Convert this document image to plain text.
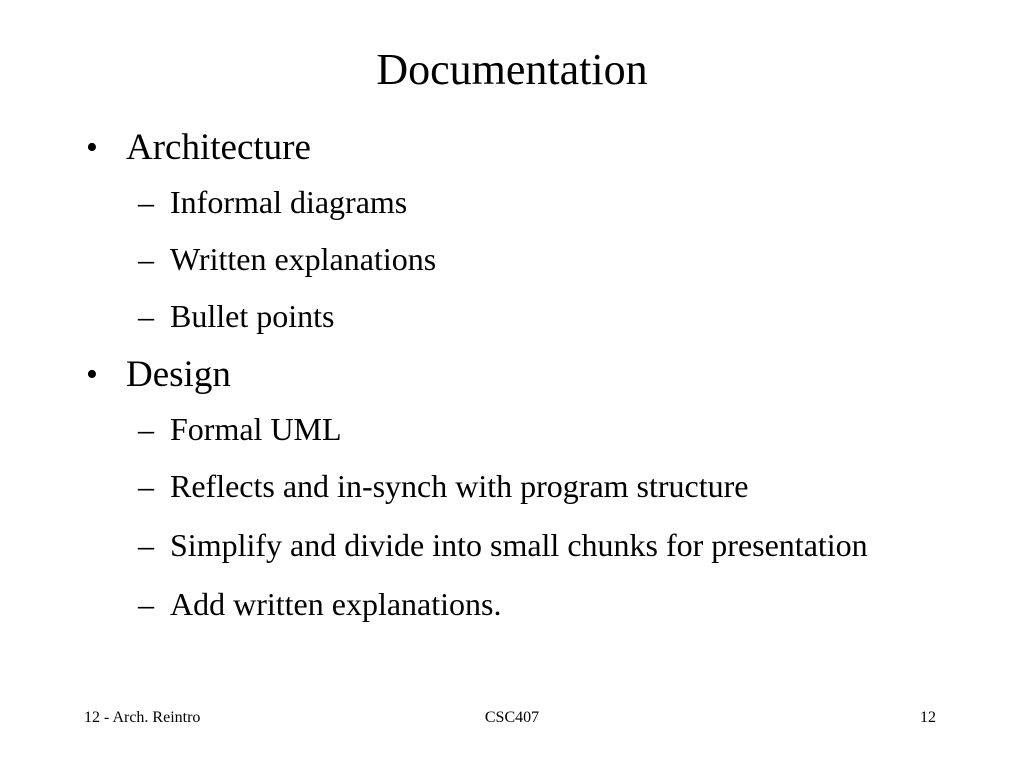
Documentation
• Architecture
– Informal diagrams
– Written explanations
– Bullet points
• Design
– Formal UML
– Reflects and in-synch with program structure
– Simplify and divide into small chunks for presentation
– Add written explanations.
12 - Arch. Reintro	CSC407	12
